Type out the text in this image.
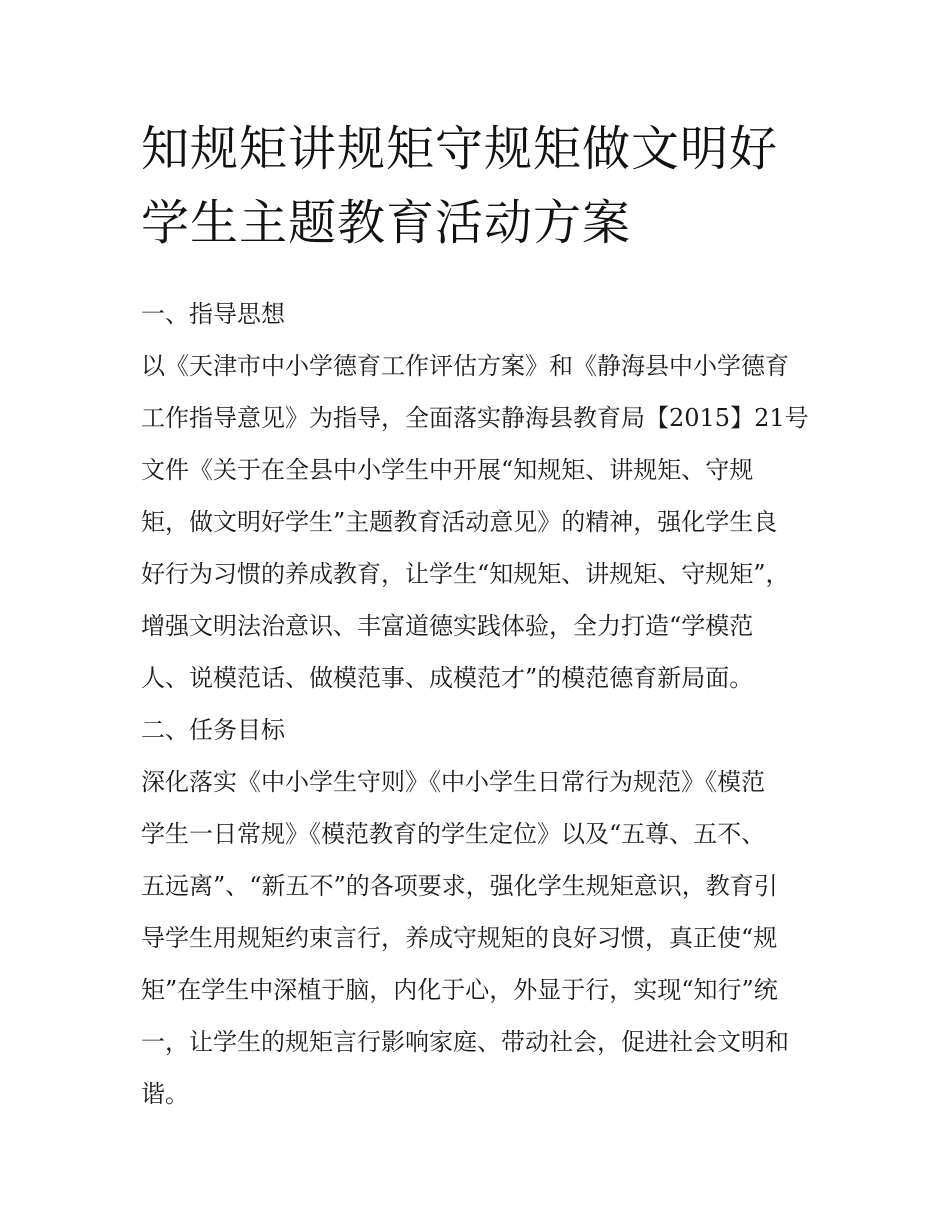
知规矩讲规矩守规矩做文明好
学生主题教育活动方案
一、指导思想

以《天津市中小学德育工作评估方案》和《静海县中小学德育
工作指导意见》为指导，全面落实静海县教育局【2015】21号
文件《关于在全县中小学生中开展“知规矩、讲规矩、守规
矩，做文明好学生”主题教育活动意见》的精神，强化学生良
好行为习惯的养成教育，让学生“知规矩、讲规矩、守规矩”，
增强文明法治意识、丰富道德实践体验，全力打造“学模范
人、说模范话、做模范事、成模范才”的模范德育新局面。

二、任务目标

深化落实《中小学生守则》《中小学生日常行为规范》《模范
学生一日常规》《模范教育的学生定位》以及“五尊、五不、
五远离”、“新五不”的各项要求，强化学生规矩意识，教育引
导学生用规矩约束言行，养成守规矩的良好习惯，真正使“规
矩”在学生中深植于脑，内化于心，外显于行，实现“知行”统
一，让学生的规矩言行影响家庭、带动社会，促进社会文明和
谐。
